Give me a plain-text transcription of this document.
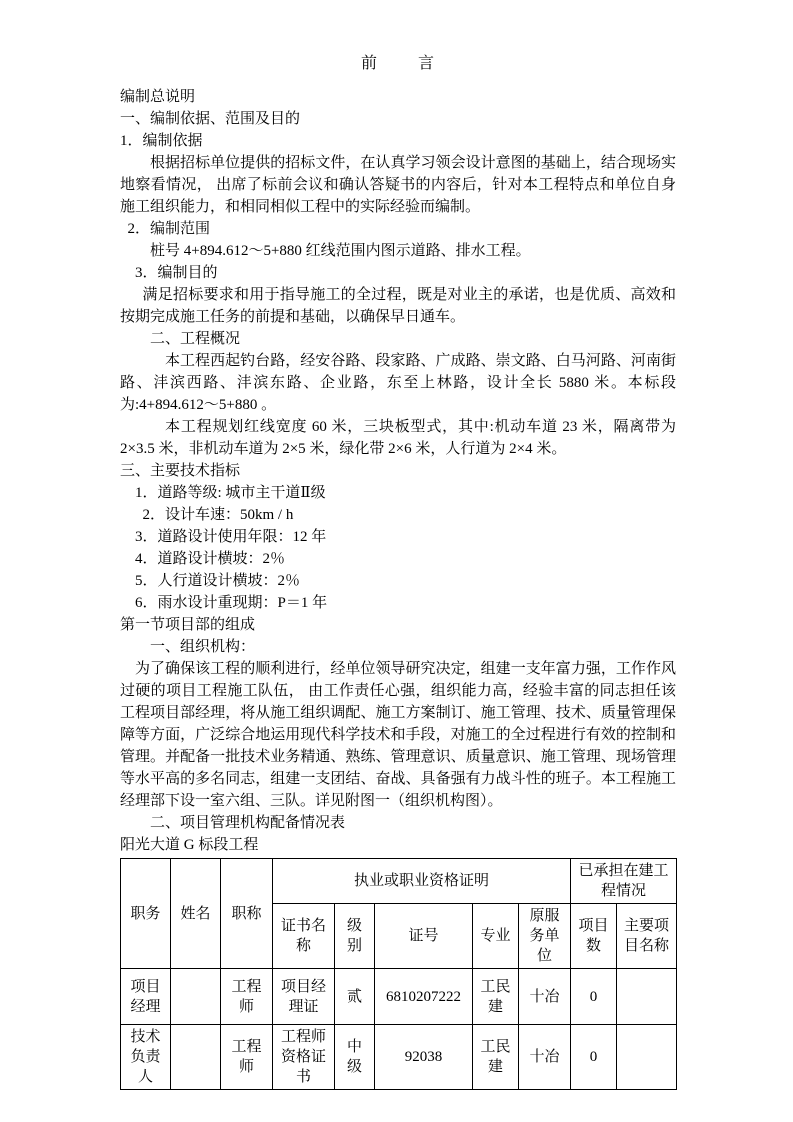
前        言

编制总说明

一、编制依据、范围及目的

1．编制依据

根据招标单位提供的招标文件，在认真学习领会设计意图的基础上，结合现场实地察看情况， 出席了标前会议和确认答疑书的内容后，针对本工程特点和单位自身施工组织能力，和相同相似工程中的实际经验而编制。

2．编制范围

桩号 4+894.612～5+880 红线范围内图示道路、排水工程。

3．编制目的

满足招标要求和用于指导施工的全过程，既是对业主的承诺，也是优质、高效和按期完成施工任务的前提和基础，以确保早日通车。

二、工程概况

本工程西起钓台路，经安谷路、段家路、广成路、崇文路、白马河路、河南街路、沣滨西路、沣滨东路、企业路，东至上林路，设计全长 5880 米。本标段为:4+894.612～5+880 。

本工程规划红线宽度 60 米，三块板型式，其中:机动车道 23 米，隔离带为 2×3.5 米，非机动车道为 2×5 米，绿化带 2×6 米，人行道为 2×4 米。

三、主要技术指标

1．道路等级: 城市主干道Ⅱ级

2．设计车速：50km / h

3．道路设计使用年限：12 年

4．道路设计横坡：2％

5．人行道设计横坡：2％

6．雨水设计重现期：P＝1 年

第一节项目部的组成

一、组织机构：

为了确保该工程的顺利进行，经单位领导研究决定，组建一支年富力强，工作作风过硬的项目工程施工队伍， 由工作责任心强，组织能力高，经验丰富的同志担任该工程项目部经理，将从施工组织调配、施工方案制订、施工管理、技术、质量管理保障等方面，广泛综合地运用现代科学技术和手段，对施工的全过程进行有效的控制和管理。并配备一批技术业务精通、熟练、管理意识、质量意识、施工管理、现场管理等水平高的多名同志，组建一支团结、奋战、具备强有力战斗性的班子。本工程施工经理部下设一室六组、三队。详见附图一（组织机构图）。

二、项目管理机构配备情况表

阳光大道 G 标段工程

职务	姓名	职称	执业或职业资格证明					已承担在建工程情况	
			证书名称	级别	证号	专业	原服务单位	项目数	主要项目名称
项目经理		工程师	项目经理证	贰	6810207222	工民建	十冶	0	
技术负责人		工程师	工程师资格证书	中级	92038	工民建	十冶	0	
